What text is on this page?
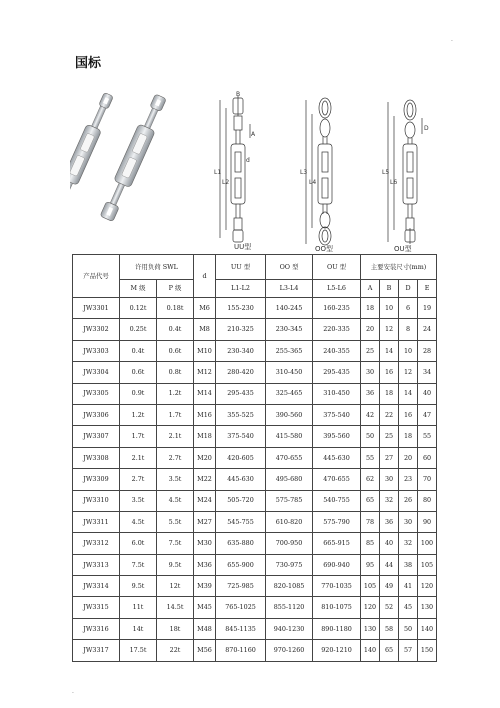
.
国标
L1
L2
A
d
B
L3
L4
L5
L6
D
UU型	OO型	OU型
产品代号	许用负荷 SWL		d	UU 型	OO 型	OU 型	主要安装尺寸(mm)			
	M 级	P 级		L1-L2	L3-L4	L5-L6	A	B	D	E
JW3301	0.12t	0.18t	M6	155-230	140-245	160-235	18	10	6	19
JW3302	0.25t	0.4t	M8	210-325	230-345	220-335	20	12	8	24
JW3303	0.4t	0.6t	M10	230-340	255-365	240-355	25	14	10	28
JW3304	0.6t	0.8t	M12	280-420	310-450	295-435	30	16	12	34
JW3305	0.9t	1.2t	M14	295-435	325-465	310-450	36	18	14	40
JW3306	1.2t	1.7t	M16	355-525	390-560	375-540	42	22	16	47
JW3307	1.7t	2.1t	M18	375-540	415-580	395-560	50	25	18	55
JW3308	2.1t	2.7t	M20	420-605	470-655	445-630	55	27	20	60
JW3309	2.7t	3.5t	M22	445-630	495-680	470-655	62	30	23	70
JW3310	3.5t	4.5t	M24	505-720	575-785	540-755	65	32	26	80
JW3311	4.5t	5.5t	M27	545-755	610-820	575-790	78	36	30	90
JW3312	6.0t	7.5t	M30	635-880	700-950	665-915	85	40	32	100
JW3313	7.5t	9.5t	M36	655-900	730-975	690-940	95	44	38	105
JW3314	9.5t	12t	M39	725-985	820-1085	770-1035	105	49	41	120
JW3315	11t	14.5t	M45	765-1025	855-1120	810-1075	120	52	45	130
JW3316	14t	18t	M48	845-1135	940-1230	890-1180	130	58	50	140
JW3317	17.5t	22t	M56	870-1160	970-1260	920-1210	140	65	57	150
.
